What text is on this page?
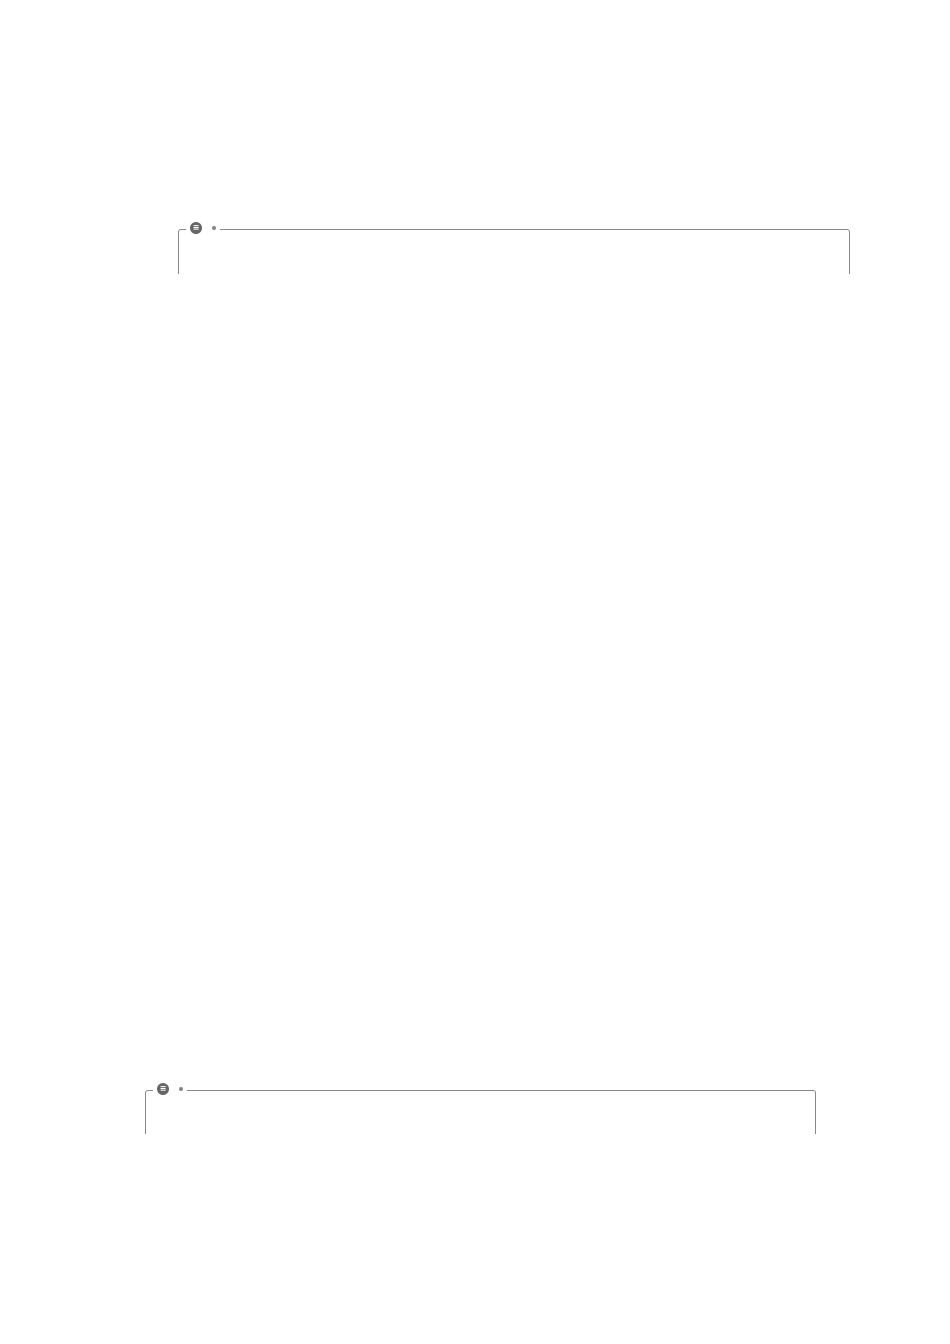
≡
≡
